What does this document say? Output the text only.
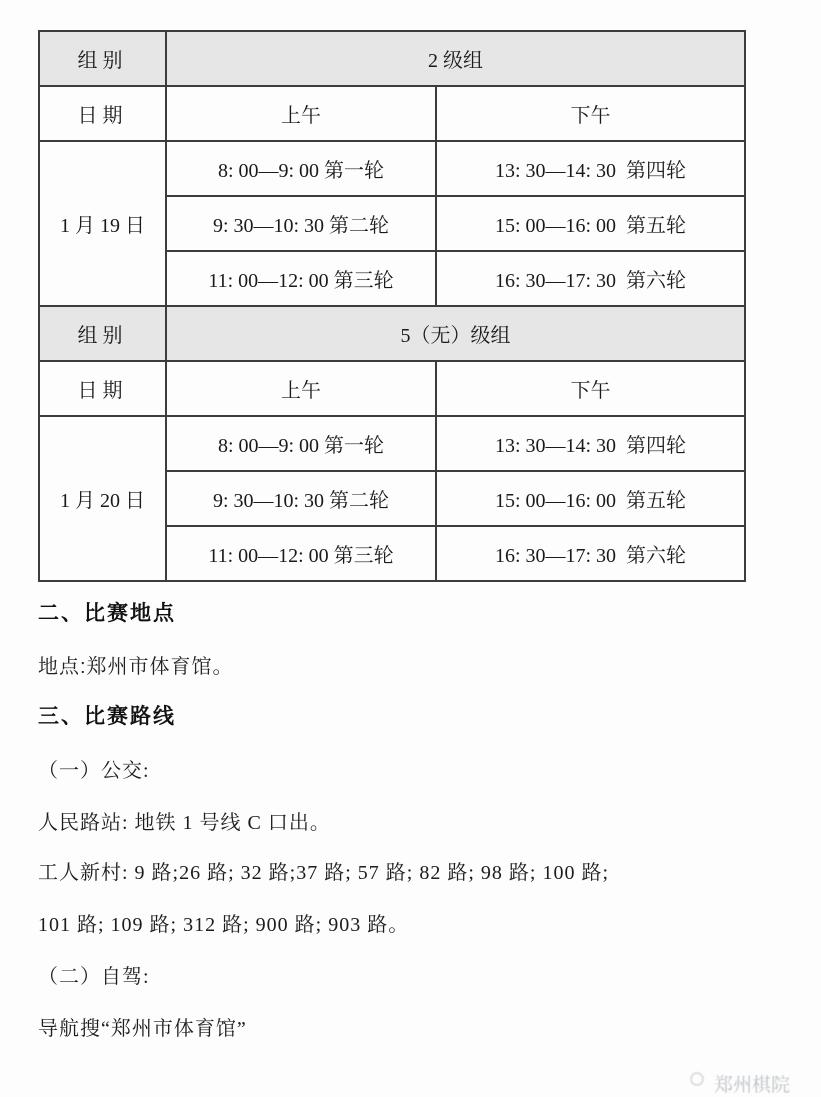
组别	2 级组	
日期	上午	下午
1 月 19 日	8: 00—9: 00 第一轮	13: 30—14: 30  第四轮
	9: 30—10: 30 第二轮	15: 00—16: 00  第五轮
	11: 00—12: 00 第三轮	16: 30—17: 30  第六轮
组别	5（无）级组	
日期	上午	下午
1 月 20 日	8: 00—9: 00 第一轮	13: 30—14: 30  第四轮
	9: 30—10: 30 第二轮	15: 00—16: 00  第五轮
	11: 00—12: 00 第三轮	16: 30—17: 30  第六轮

二、比赛地点

地点:郑州市体育馆。

三、比赛路线

（一）公交:

人民路站: 地铁 1 号线 C 口出。

工人新村: 9 路;26 路; 32 路;37 路; 57 路; 82 路; 98 路; 100 路;

101 路; 109 路; 312 路; 900 路; 903 路。

（二）自驾:

导航搜“郑州市体育馆”

郑州棋院
